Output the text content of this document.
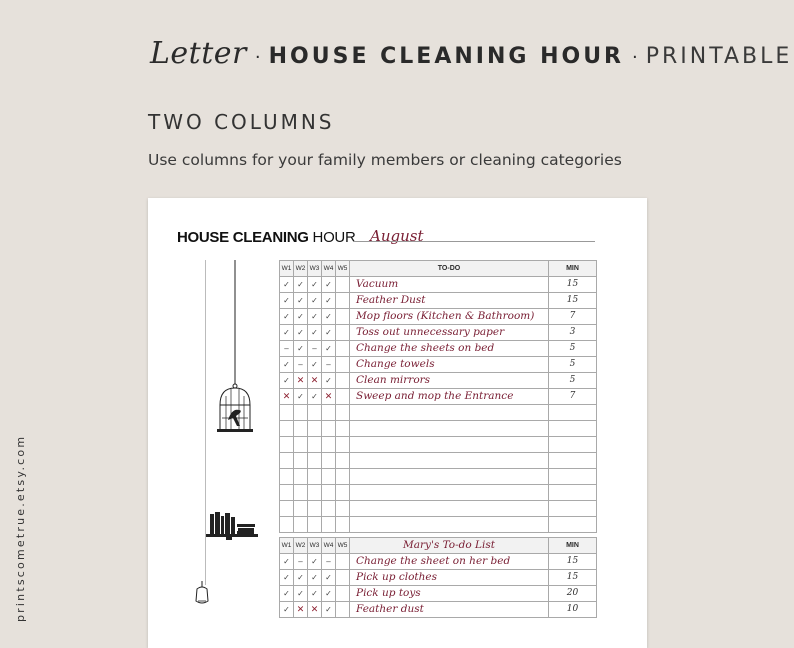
Letter · HOUSE CLEANING HOUR · PRINTABLE
TWO COLUMNS
Use columns for your family members or cleaning categories
printscometrue.etsy.com
HOUSE CLEANING HOUR August
W1	W2	W3	W4	W5	TO-DO	MIN
✓	✓	✓	✓		Vacuum	15
✓	✓	✓	✓		Feather Dust	15
✓	✓	✓	✓		Mop floors (Kitchen & Bathroom)	7
✓	✓	✓	✓		Toss out unnecessary paper	3
–	✓	–	✓		Change the sheets on bed	5
✓	–	✓	–		Change towels	5
✓	✕	✕	✓		Clean mirrors	5
✕	✓	✓	✕		Sweep and mop the Entrance	7

W1	W2	W3	W4	W5	Mary's To-do List	MIN
✓	–	✓	–		Change the sheet on her bed	15
✓	✓	✓	✓		Pick up clothes	15
✓	✓	✓	✓		Pick up toys	20
✓	✕	✕	✓		Feather dust	10
